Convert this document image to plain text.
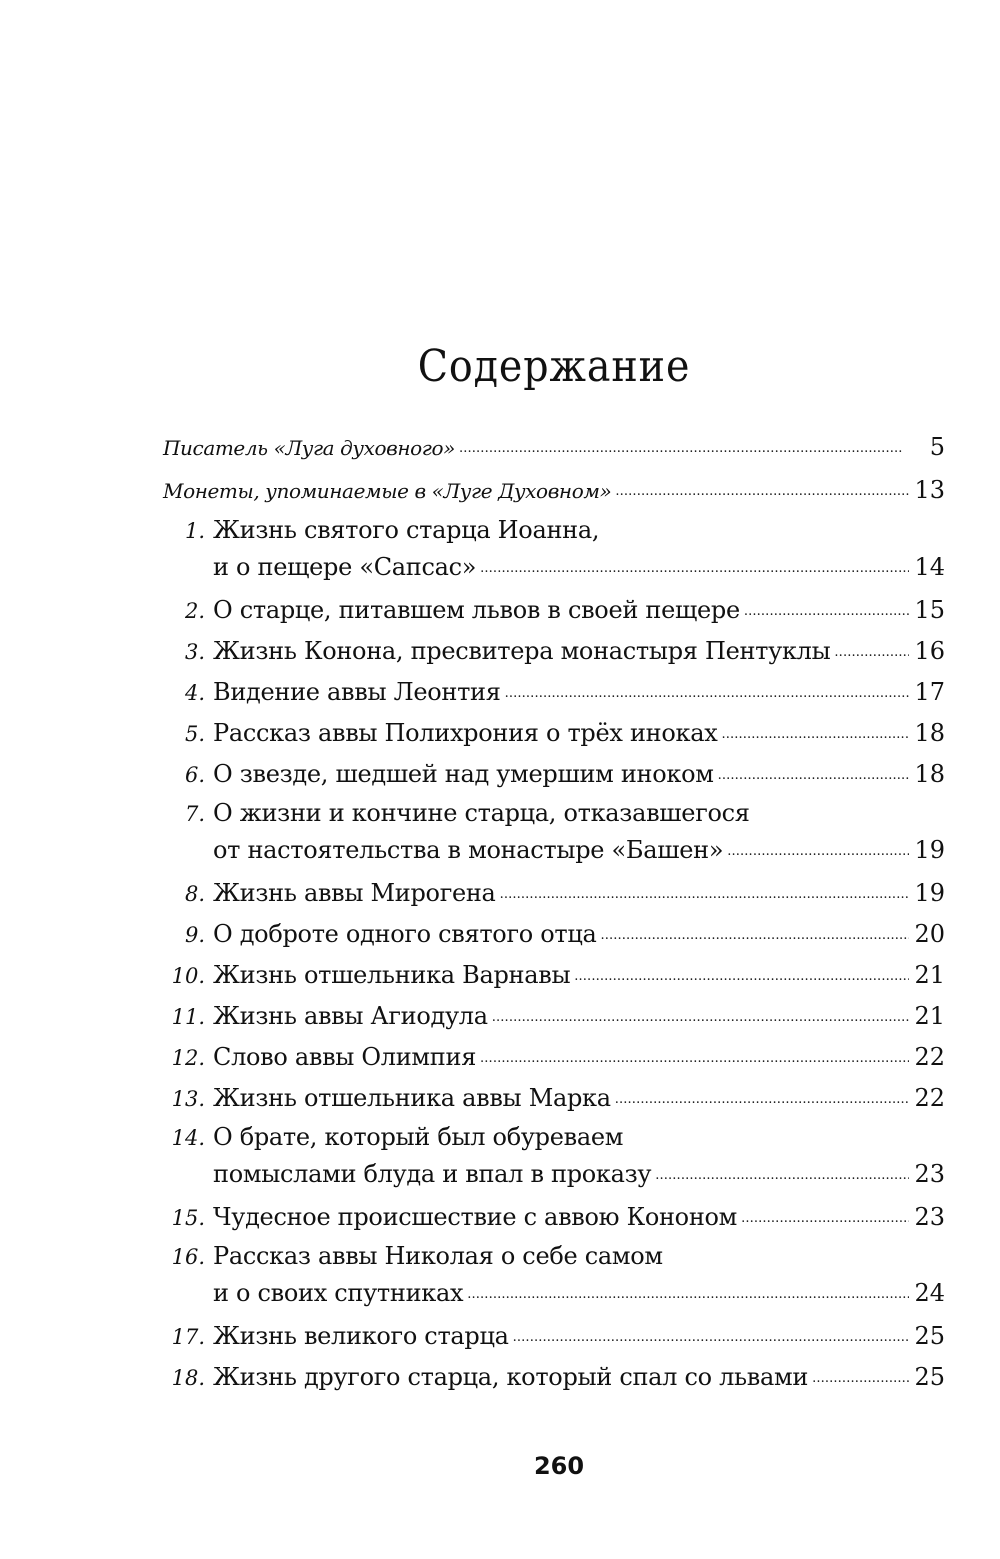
Содержание
Писатель «Луга духовного» . . .	5
Монеты, упоминаемые в «Луге Духовном» . . .	13
1. Жизнь святого старца Иоанна,
и о пещере «Сапсас» . . .	14
2. О старце, питавшем львов в своей пещере . . .	15
3. Жизнь Конона, пресвитера монастыря Пентуклы . . .	16
4. Видение аввы Леонтия . . .	17
5. Рассказ аввы Полихрония о трёх иноках . . .	18
6. О звезде, шедшей над умершим иноком . . .	18
7. О жизни и кончине старца, отказавшегося
от настоятельства в монастыре «Башен» . . .	19
8. Жизнь аввы Мирогена . . .	19
9. О доброте одного святого отца . . .	20
10. Жизнь отшельника Варнавы . . .	21
11. Жизнь аввы Агиодула . . .	21
12. Слово аввы Олимпия . . .	22
13. Жизнь отшельника аввы Марка . . .	22
14. О брате, который был обуреваем
помыслами блуда и впал в проказу . . .	23
15. Чудесное происшествие с аввою Кононом . . .	23
16. Рассказ аввы Николая о себе самом
и о своих спутниках . . .	24
17. Жизнь великого старца . . .	25
18. Жизнь другого старца, который спал со львами . . .	25
260
